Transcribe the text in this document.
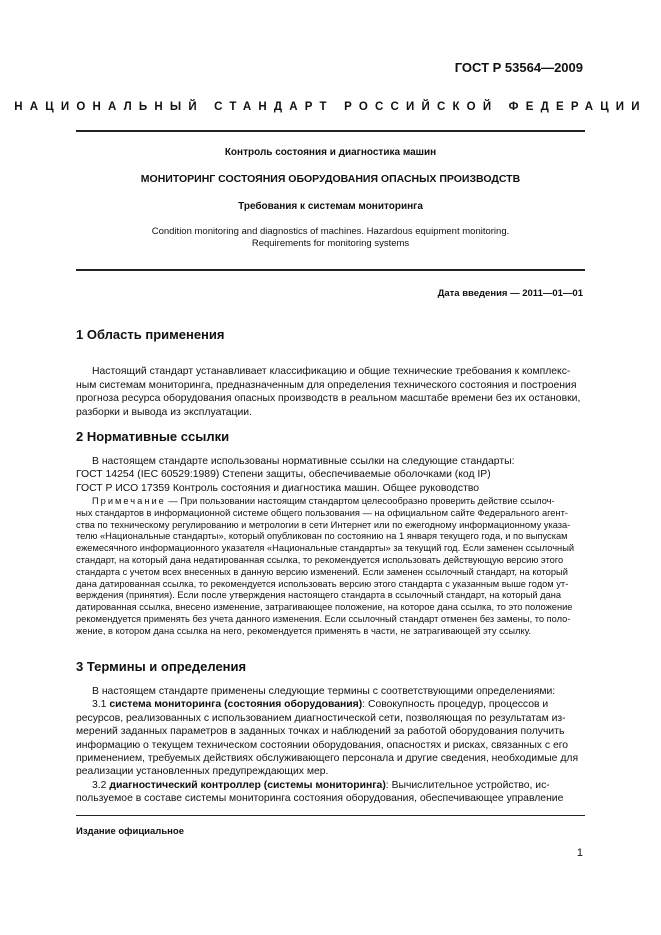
ГОСТ Р 53564—2009
НАЦИОНАЛЬНЫЙ СТАНДАРТ РОССИЙСКОЙ ФЕДЕРАЦИИ
Контроль состояния и диагностика машин
МОНИТОРИНГ СОСТОЯНИЯ ОБОРУДОВАНИЯ ОПАСНЫХ ПРОИЗВОДСТВ
Требования к системам мониторинга
Condition monitoring and diagnostics of machines. Hazardous equipment monitoring.
Requirements for monitoring systems
Дата введения — 2011—01—01
1 Область применения
Настоящий стандарт устанавливает классификацию и общие технические требования к комплекс-
ным системам мониторинга, предназначенным для определения технического состояния и построения
прогноза ресурса оборудования опасных производств в реальном масштабе времени без их остановки,
разборки и вывода из эксплуатации.
2 Нормативные ссылки
В настоящем стандарте использованы нормативные ссылки на следующие стандарты:
ГОСТ 14254 (IEC 60529:1989) Степени защиты, обеспечиваемые оболочками (код IP)
ГОСТ Р ИСО 17359 Контроль состояния и диагностика машин. Общее руководство
Примечание — При пользовании настоящим стандартом целесообразно проверить действие ссылоч-
ных стандартов в информационной системе общего пользования — на официальном сайте Федерального агент-
ства по техническому регулированию и метрологии в сети Интернет или по ежегодному информационному указа-
телю «Национальные стандарты», который опубликован по состоянию на 1 января текущего года, и по выпускам
ежемесячного информационного указателя «Национальные стандарты» за текущий год. Если заменен ссылочный
стандарт, на который дана недатированная ссылка, то рекомендуется использовать действующую версию этого
стандарта с учетом всех внесенных в данную версию изменений. Если заменен ссылочный стандарт, на который
дана датированная ссылка, то рекомендуется использовать версию этого стандарта с указанным выше годом ут-
верждения (принятия). Если после утверждения настоящего стандарта в ссылочный стандарт, на который дана
датированная ссылка, внесено изменение, затрагивающее положение, на которое дана ссылка, то это положение
рекомендуется применять без учета данного изменения. Если ссылочный стандарт отменен без замены, то поло-
жение, в котором дана ссылка на него, рекомендуется применять в части, не затрагивающей эту ссылку.
3 Термины и определения
В настоящем стандарте применены следующие термины с соответствующими определениями:
3.1 система мониторинга (состояния оборудования): Совокупность процедур, процессов и
ресурсов, реализованных с использованием диагностической сети, позволяющая по результатам из-
мерений заданных параметров в заданных точках и наблюдений за работой оборудования получить
информацию о текущем техническом состоянии оборудования, опасностях и рисках, связанных с его
применением, требуемых действиях обслуживающего персонала и другие сведения, необходимые для
реализации установленных предупреждающих мер.
3.2 диагностический контроллер (системы мониторинга): Вычислительное устройство, ис-
пользуемое в составе системы мониторинга состояния оборудования, обеспечивающее управление
Издание официальное
1
